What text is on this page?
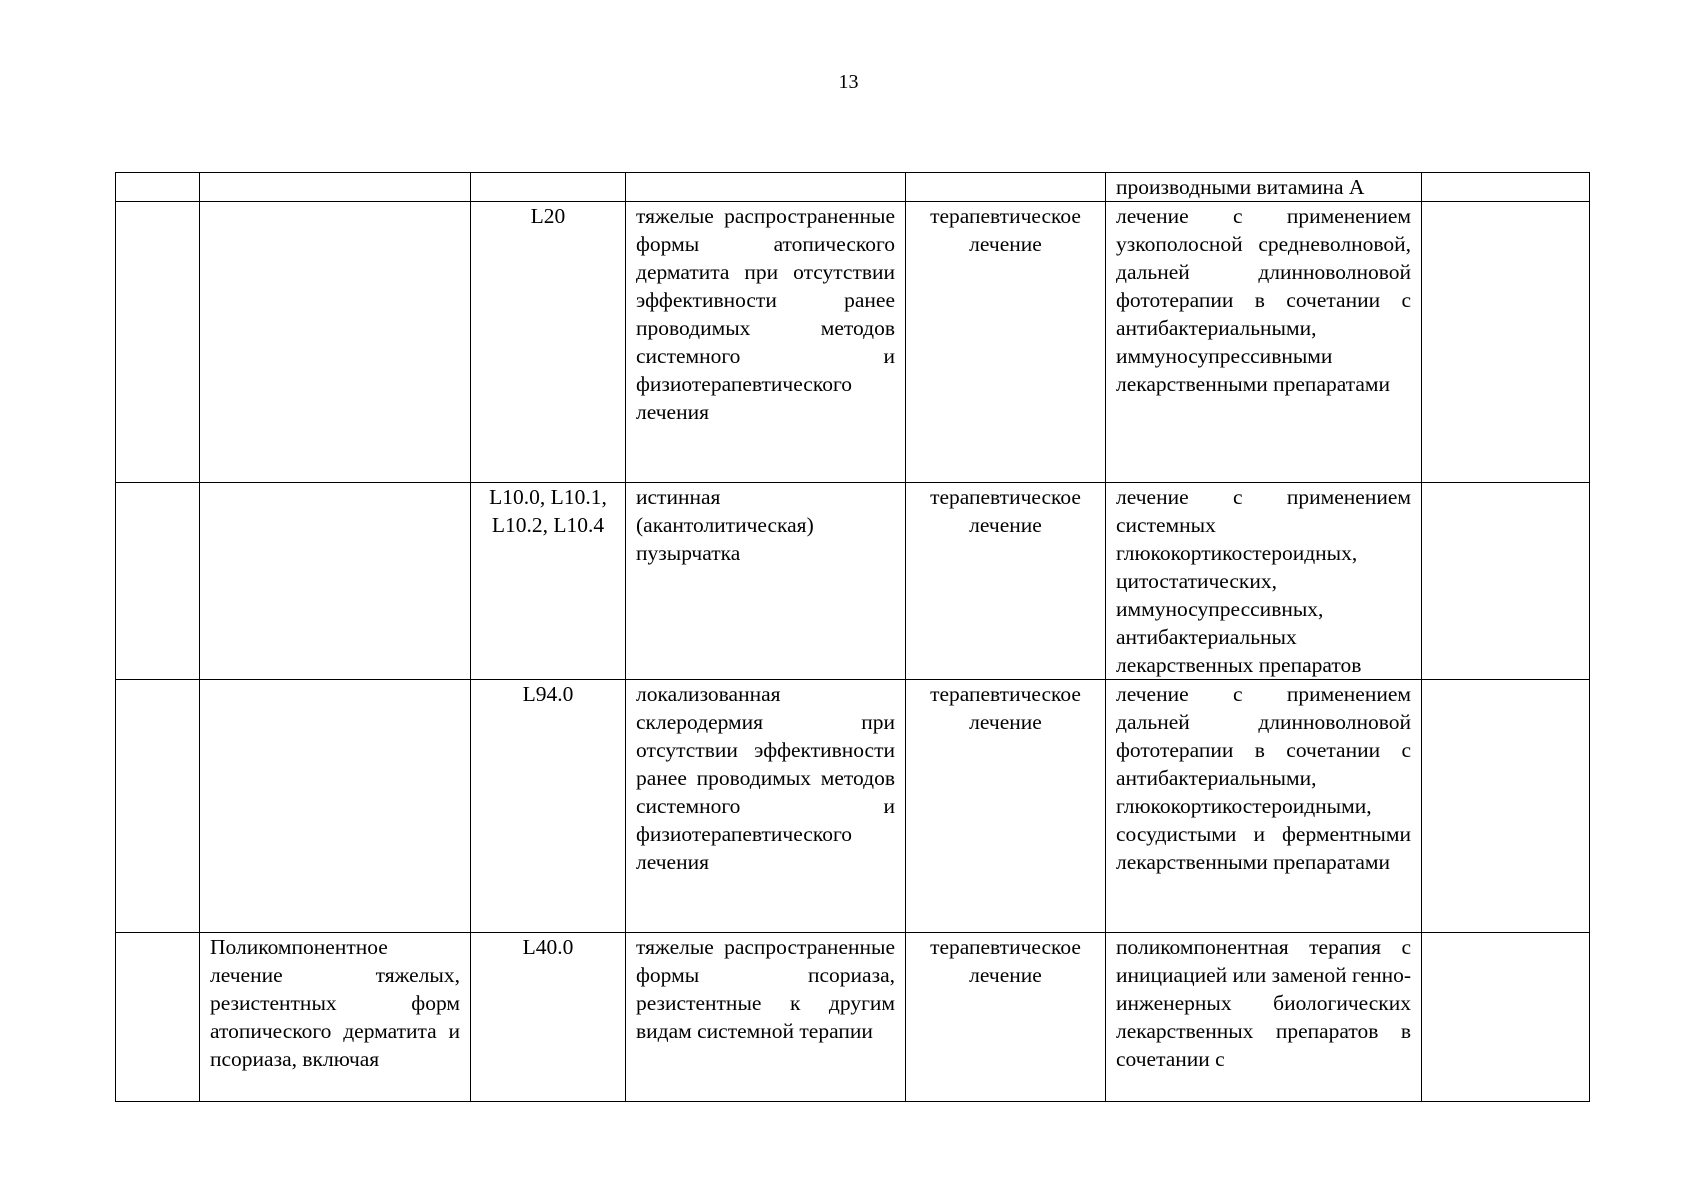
13
					производными витамина А	
		L20	тяжелые распространенные формы атопического дерматита при отсутствии эффективности ранее проводимых методов системного и физиотерапевтического лечения	терапевтическое лечение	лечение с применением узкополосной средневолновой, дальней длинноволновой фототерапии в сочетании с антибактериальными, иммуносупрессивными лекарственными препаратами	
		L10.0, L10.1, L10.2, L10.4	истинная (акантолитическая) пузырчатка	терапевтическое лечение	лечение с применением системных глюкокортикостероидных, цитостатических, иммуносупрессивных, антибактериальных лекарственных препаратов	
		L94.0	локализованная склеродермия при отсутствии эффективности ранее проводимых методов системного и физиотерапевтического лечения	терапевтическое лечение	лечение с применением дальней длинноволновой фототерапии в сочетании с антибактериальными, глюкокортикостероидными, сосудистыми и ферментными лекарственными препаратами	
	Поликомпонентное лечение тяжелых, резистентных форм атопического дерматита и псориаза, включая	L40.0	тяжелые распространенные формы псориаза, резистентные к другим видам системной терапии	терапевтическое лечение	поликомпонентная терапия с инициацией или заменой генно-инженерных биологических лекарственных препаратов в сочетании с	
